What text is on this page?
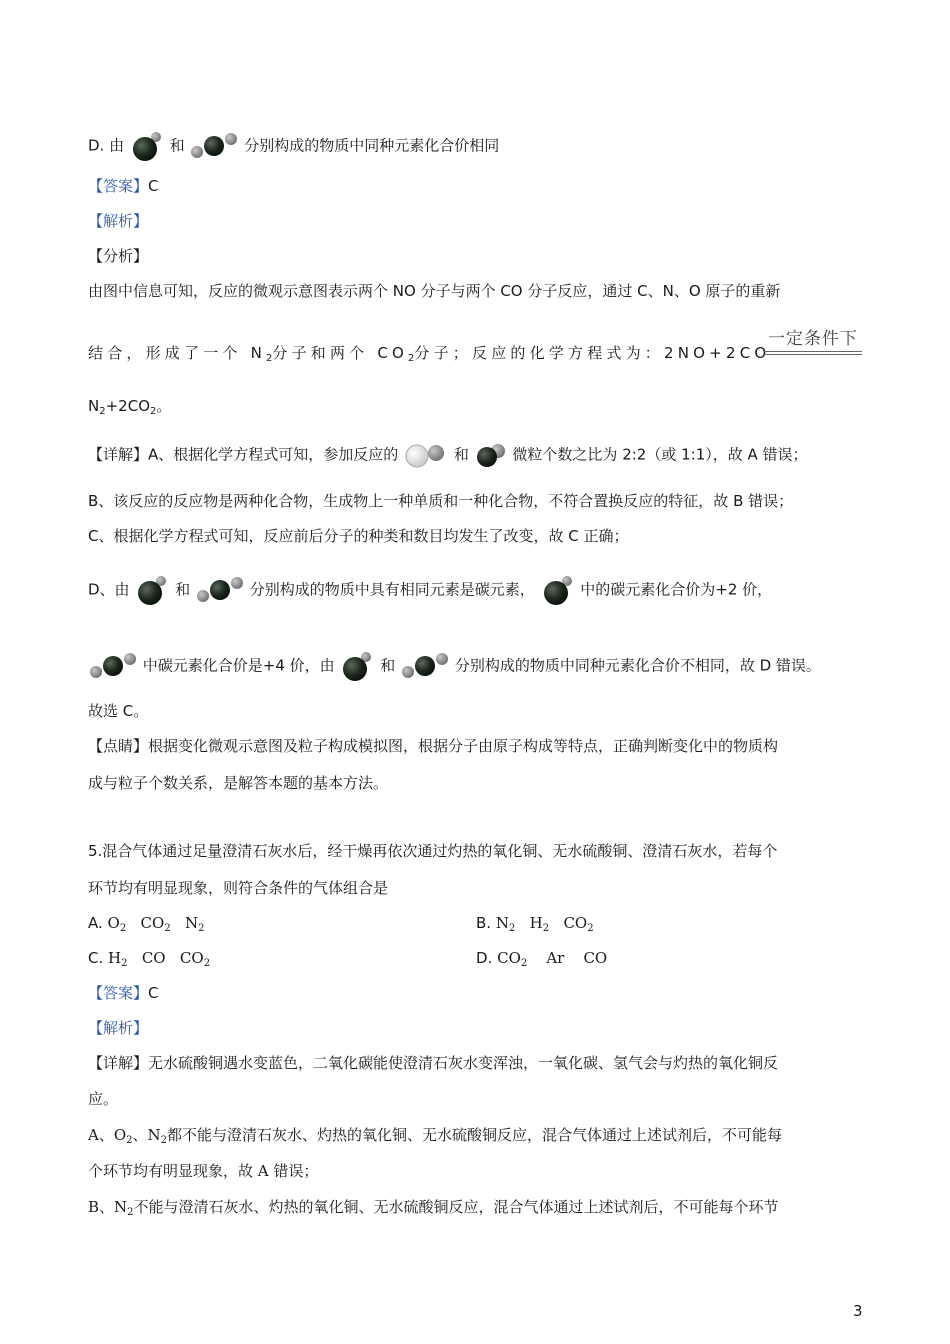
D. 由	和	分别构成的物质中同种元素化合价相同
【答案】C
【解析】
【分析】
由图中信息可知，反应的微观示意图表示两个 NO 分子与两个 CO 分子反应，通过 C、N、O 原子的重新
结合，形成了一个 $N_2$分子和两个 $CO_2$分子；反应的化学方程式为：2NO+2CO
一定条件下
$N_2+2CO_2$。
【详解】A、根据化学方程式可知，参加反应的	和	微粒个数之比为 2:2（或 1:1），故 A 错误；
B、该反应的反应物是两种化合物，生成物上一种单质和一种化合物，不符合置换反应的特征，故 B 错误；
C、根据化学方程式可知，反应前后分子的种类和数目均发生了改变，故 C 正确；
D、由	和	分别构成的物质中具有相同元素是碳元素，	中的碳元素化合价为+2 价，
中碳元素化合价是+4 价，由	和	分别构成的物质中同种元素化合价不相同，故 D 错误。
故选 C。
【点睛】根据变化微观示意图及粒子构成模拟图，根据分子由原子构成等特点，正确判断变化中的物质构
成与粒子个数关系，是解答本题的基本方法。
5.混合气体通过足量澄清石灰水后，经干燥再依次通过灼热的氧化铜、无水硫酸铜、澄清石灰水，若每个
环节均有明显现象，则符合条件的气体组合是
A. $O_2$ $CO_2$ $N_2$	B. $N_2$ $H_2$ $CO_2$
C. $H_2$ CO $CO_2$	D. $CO_2$ Ar CO
【答案】C
【解析】
【详解】无水硫酸铜遇水变蓝色，二氧化碳能使澄清石灰水变浑浊，一氧化碳、氢气会与灼热的氧化铜反
应。
A、$O_2$、$N_2$都不能与澄清石灰水、灼热的氧化铜、无水硫酸铜反应，混合气体通过上述试剂后，不可能每
个环节均有明显现象，故 A 错误；
B、$N_2$不能与澄清石灰水、灼热的氧化铜、无水硫酸铜反应，混合气体通过上述试剂后，不可能每个环节
3
